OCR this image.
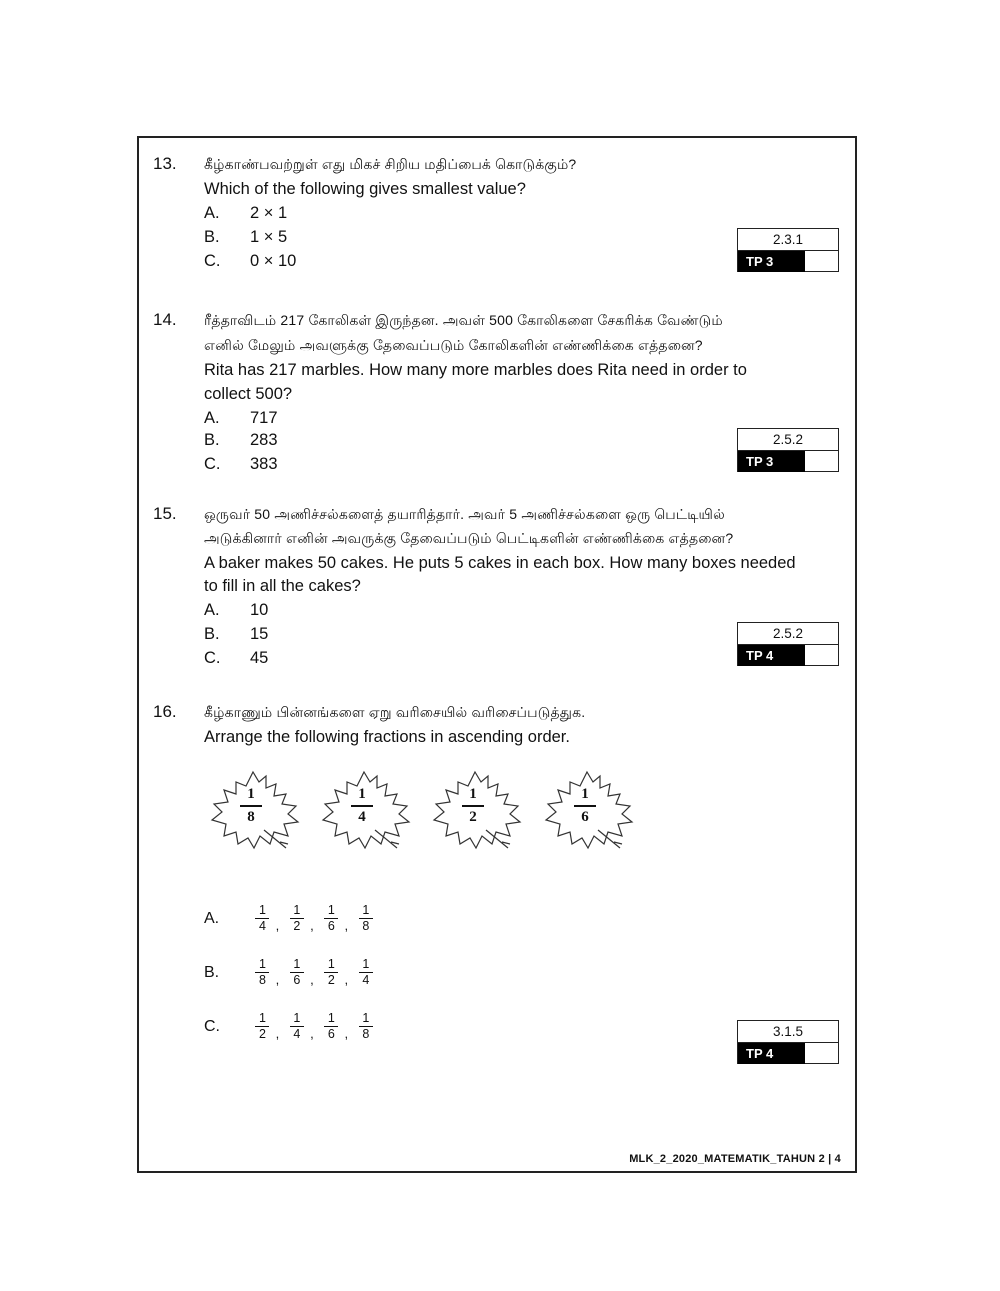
13.	கீழ்காண்பவற்றுள் எது மிகச் சிறிய மதிப்பைக் கொடுக்கும்?
Which of the following gives smallest value?
A. 2 × 1
B. 1 × 5
C. 0 × 10
2.3.1
TP 3
14.	ரீத்தாவிடம் 217 கோலிகள் இருந்தன. அவள் 500 கோலிகளை சேகரிக்க வேண்டும்
எனில் மேலும் அவளுக்கு தேவைப்படும் கோலிகளின் எண்ணிக்கை எத்தனை?
Rita has 217 marbles. How many more marbles does Rita need in order to
collect 500?
A. 717
B. 283
C. 383
2.5.2
TP 3
15.	ஒருவர் 50 அணிச்சல்களைத் தயாரித்தார். அவர் 5 அணிச்சல்களை ஒரு பெட்டியில்
அடுக்கினார் எனின் அவருக்கு தேவைப்படும் பெட்டிகளின் எண்ணிக்கை எத்தனை?
A baker makes 50 cakes. He puts 5 cakes in each box. How many boxes needed
to fill in all the cakes?
A. 10
B. 15
C. 45
2.5.2
TP 4
16.	கீழ்காணும் பின்னங்களை ஏறு வரிசையில் வரிசைப்படுத்துக.
Arrange the following fractions in ascending order.
1
8
1
4
1
2
1
6
A.	$\frac{1}{4}$ , $\frac{1}{2}$ , $\frac{1}{6}$ , $\frac{1}{8}$
B.	$\frac{1}{8}$ , $\frac{1}{6}$ , $\frac{1}{2}$ , $\frac{1}{4}$
C.	$\frac{1}{2}$ , $\frac{1}{4}$ , $\frac{1}{6}$ , $\frac{1}{8}$	3.1.5
TP 4
MLK_2_2020_MATEMATIK_TAHUN 2 | 4
